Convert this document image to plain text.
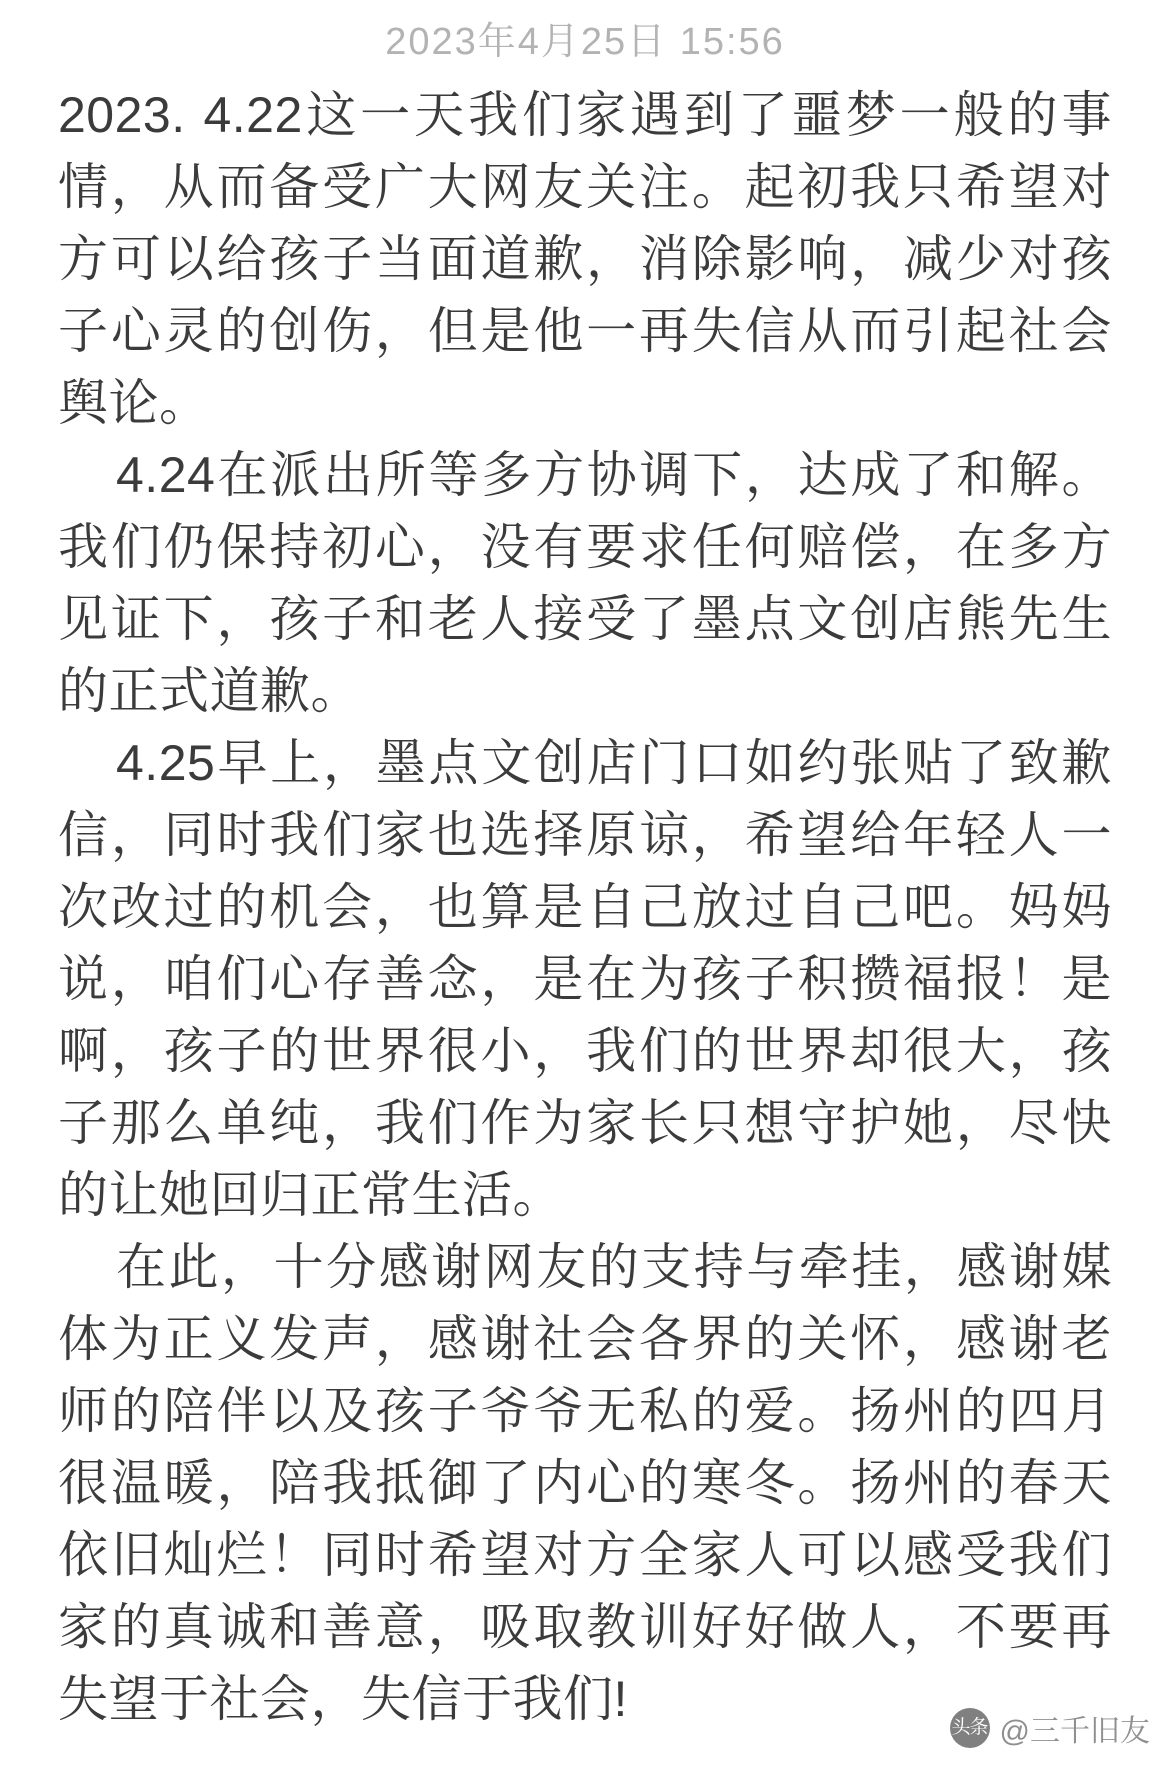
2023年4月25日 15:56

2023. 4.22这一天我们家遇到了噩梦一般的事情，从而备受广大网友关注。起初我只希望对方可以给孩子当面道歉，消除影响，减少对孩子心灵的创伤，但是他一再失信从而引起社会舆论。

4.24在派出所等多方协调下，达成了和解。我们仍保持初心，没有要求任何赔偿，在多方见证下，孩子和老人接受了墨点文创店熊先生的正式道歉。

4.25早上，墨点文创店门口如约张贴了致歉信，同时我们家也选择原谅，希望给年轻人一次改过的机会，也算是自己放过自己吧。妈妈说，咱们心存善念，是在为孩子积攒福报！是啊，孩子的世界很小，我们的世界却很大，孩子那么单纯，我们作为家长只想守护她，尽快的让她回归正常生活。

在此，十分感谢网友的支持与牵挂，感谢媒体为正义发声，感谢社会各界的关怀，感谢老师的陪伴以及孩子爷爷无私的爱。扬州的四月很温暖，陪我抵御了内心的寒冬。扬州的春天依旧灿烂！同时希望对方全家人可以感受我们家的真诚和善意，吸取教训好好做人，不要再失望于社会，失信于我们!

头条 @三千旧友
